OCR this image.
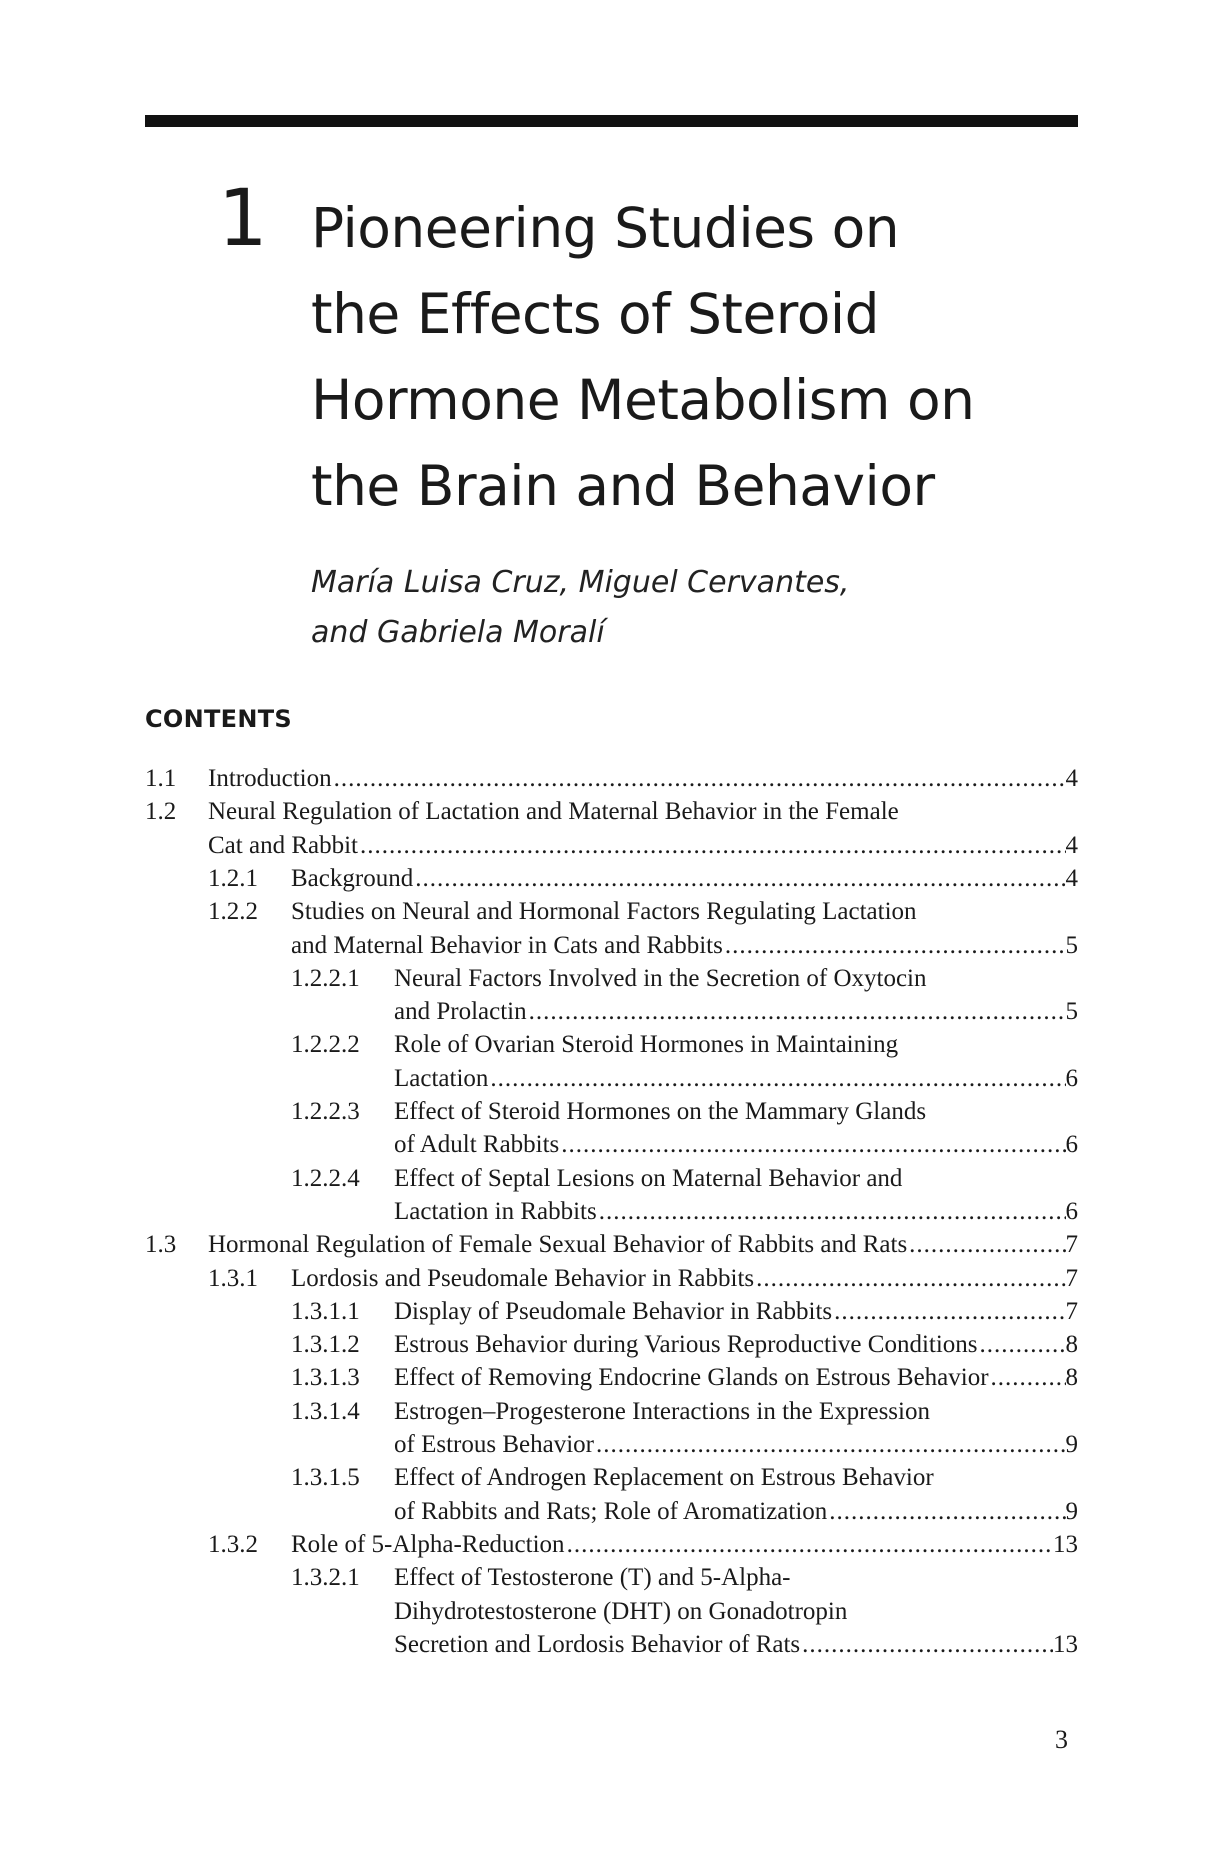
1 Pioneering Studies on
the Effects of Steroid
Hormone Metabolism on
the Brain and Behavior

María Luisa Cruz, Miguel Cervantes,
and Gabriela Moralí

CONTENTS
1.1 Introduction .....	4
1.2 Neural Regulation of Lactation and Maternal Behavior in the Female
Cat and Rabbit .....	4
1.2.1 Background .....	4
1.2.2 Studies on Neural and Hormonal Factors Regulating Lactation
and Maternal Behavior in Cats and Rabbits .....	5
1.2.2.1 Neural Factors Involved in the Secretion of Oxytocin
and Prolactin .....	5
1.2.2.2 Role of Ovarian Steroid Hormones in Maintaining
Lactation .....	6
1.2.2.3 Effect of Steroid Hormones on the Mammary Glands
of Adult Rabbits .....	6
1.2.2.4 Effect of Septal Lesions on Maternal Behavior and
Lactation in Rabbits .....	6
1.3 Hormonal Regulation of Female Sexual Behavior of Rabbits and Rats .....	7
1.3.1 Lordosis and Pseudomale Behavior in Rabbits .....	7
1.3.1.1 Display of Pseudomale Behavior in Rabbits .....	7
1.3.1.2 Estrous Behavior during Various Reproductive Conditions .....	8
1.3.1.3 Effect of Removing Endocrine Glands on Estrous Behavior .....	8
1.3.1.4 Estrogen–Progesterone Interactions in the Expression
of Estrous Behavior .....	9
1.3.1.5 Effect of Androgen Replacement on Estrous Behavior
of Rabbits and Rats; Role of Aromatization .....	9
1.3.2 Role of 5-Alpha-Reduction .....	13
1.3.2.1 Effect of Testosterone (T) and 5-Alpha-
Dihydrotestosterone (DHT) on Gonadotropin
Secretion and Lordosis Behavior of Rats .....	13
3
